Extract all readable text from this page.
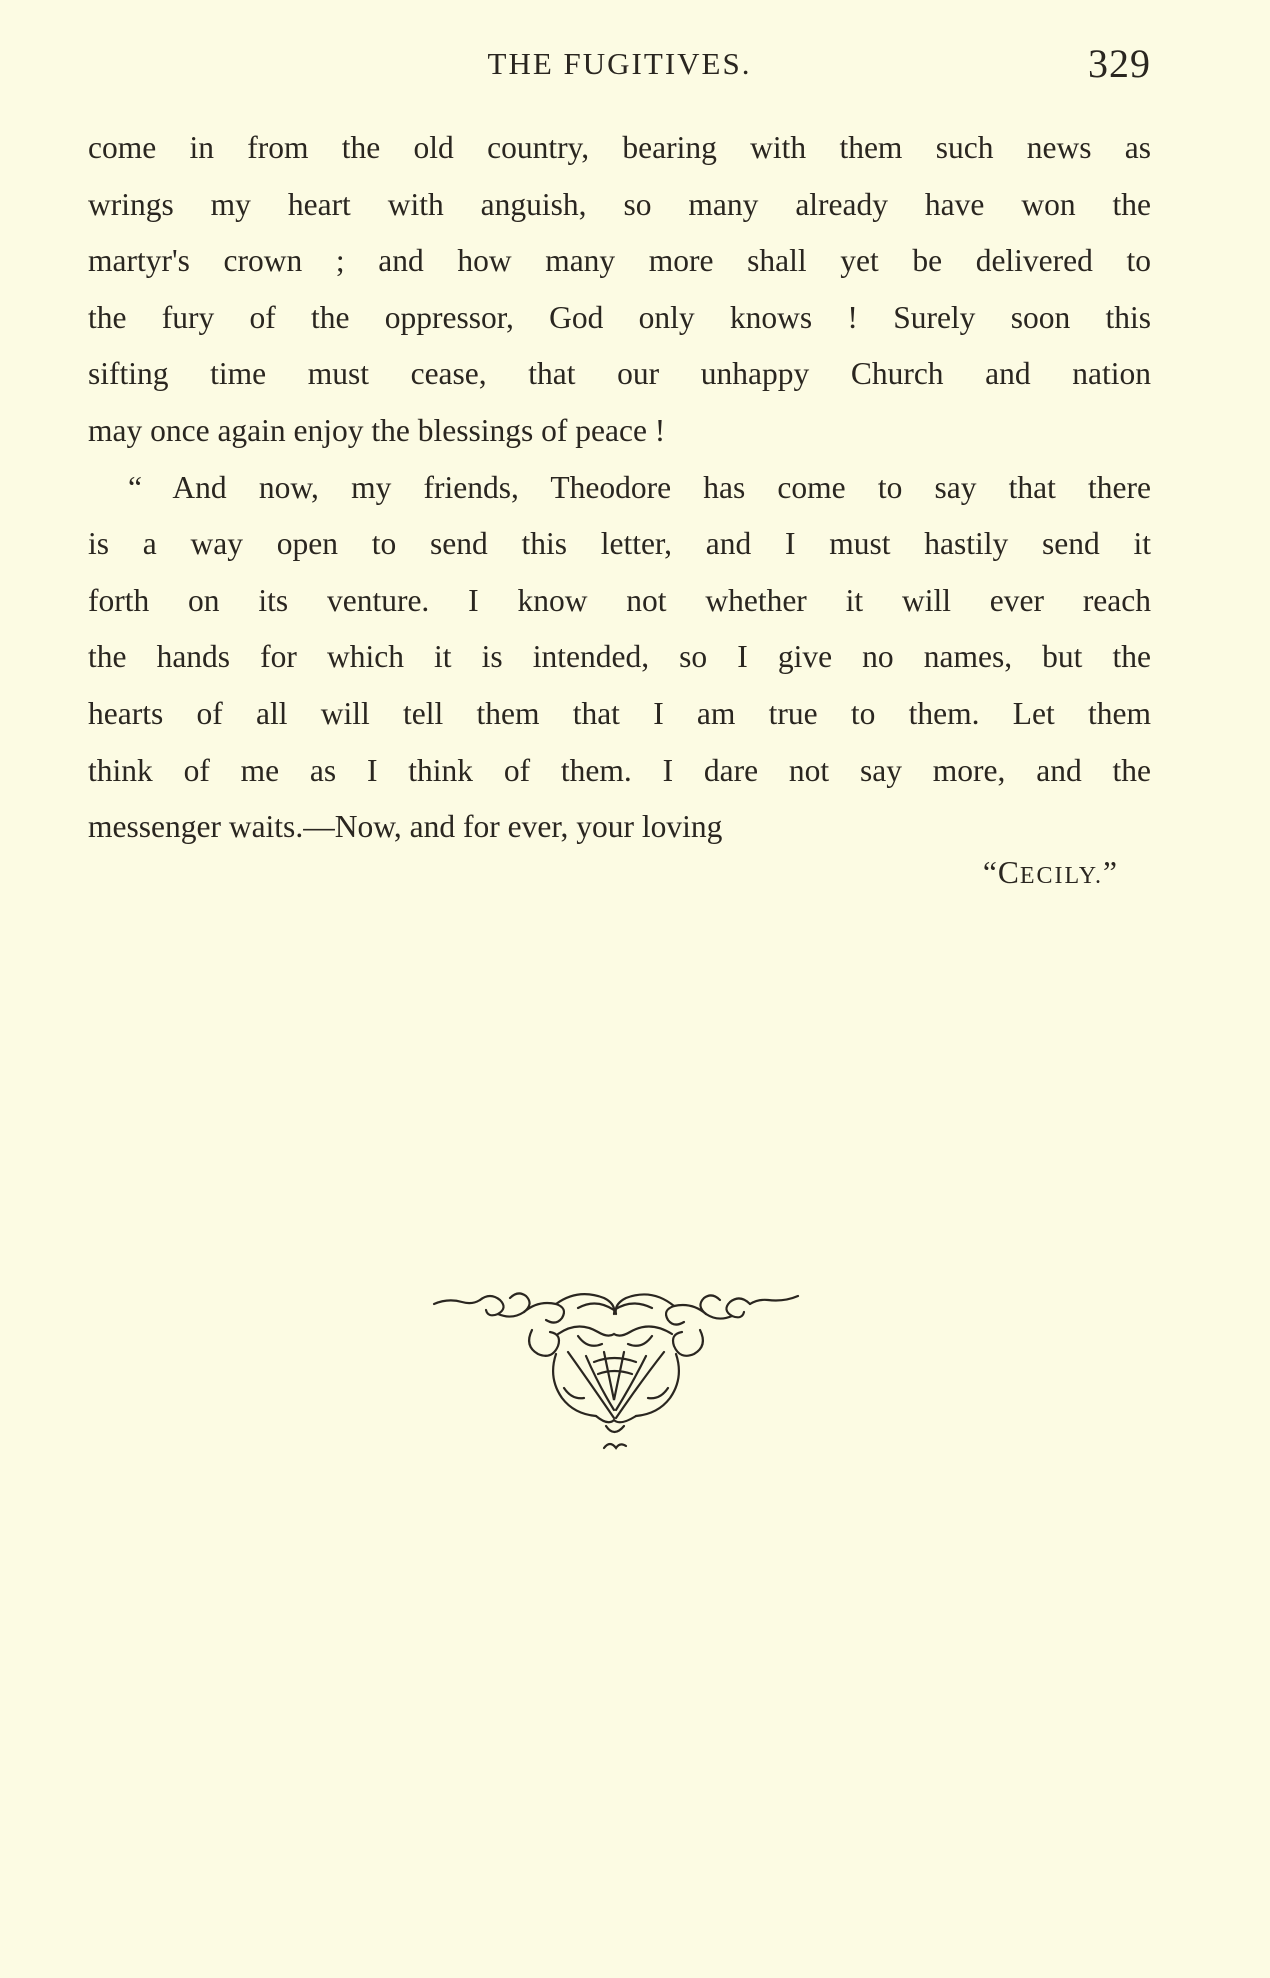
THE FUGITIVES.	329
come in from the old country, bearing with them such news as
wrings my heart with anguish, so many already have won the
martyr's crown ; and how many more shall yet be delivered to
the fury of the oppressor, God only knows ! Surely soon this
sifting time must cease, that our unhappy Church and nation
may once again enjoy the blessings of peace !
“ And now, my friends, Theodore has come to say that there
is a way open to send this letter, and I must hastily send it
forth on its venture. I know not whether it will ever reach
the hands for which it is intended, so I give no names, but the
hearts of all will tell them that I am true to them. Let them
think of me as I think of them. I dare not say more, and the
messenger waits.—Now, and for ever, your loving
“CECILY.”
